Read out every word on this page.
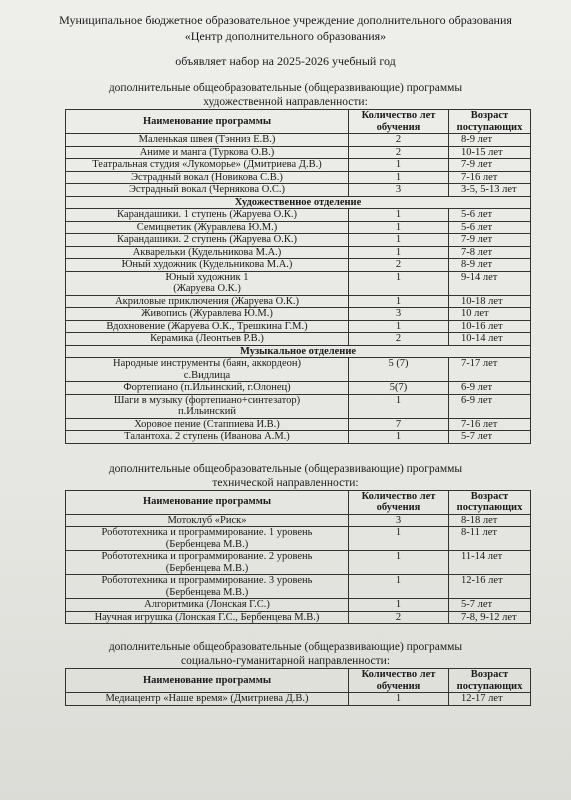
Муниципальное бюджетное образовательное учреждение дополнительного образования

«Центр дополнительного образования»

объявляет набор на 2025-2026 учебный год

дополнительные общеобразовательные (общеразвивающие) программы

художественной направленности:

Наименование программы	Количество лет обучения	Возраст поступающих

Маленькая швея (Тэнниз Е.В.)	2	8-9 лет

Аниме и манга (Туркова О.В.)	2	10-15 лет

Театральная студия «Лукоморье» (Дмитриева Д.В.)	1	7-9 лет

Эстрадный вокал (Новикова С.В.)	1	7-16 лет

Эстрадный вокал (Чернякова О.С.)	3	3-5, 5-13 лет
Художественное отделение		

Карандашики. 1 ступень (Жаруева О.К.)	1	5-6 лет

Семицветик (Журавлева Ю.М.)	1	5-6 лет

Карандашики. 2 ступень (Жаруева О.К.)	1	7-9 лет

Акварельки (Кудельникова М.А.)	1	7-8 лет

Юный художник (Кудельникова М.А.)	2	8-9 лет

Юный художник 1
(Жаруева О.К.)	1	9-14 лет

Акриловые приключения (Жаруева О.К.)	1	10-18 лет

Живопись (Журавлева Ю.М.)	3	10 лет

Вдохновение (Жаруева О.К., Трешкина Г.М.)	1	10-16 лет

Керамика (Леонтьев Р.В.)	2	10-14 лет
Музыкальное отделение		

Народные инструменты (баян, аккордеон)
с.Видлица	5 (7)	7-17 лет

Фортепиано (п.Ильинский, г.Олонец)	5(7)	6-9 лет

Шаги в музыку (фортепиано+синтезатор)
п.Ильинский	1	6-9 лет

Хоровое пение (Стаппиева И.В.)	7	7-16 лет

Талантоха. 2 ступень (Иванова А.М.)	1	5-7 лет

дополнительные общеобразовательные (общеразвивающие) программы

технической направленности:

Наименование программы	Количество лет обучения	Возраст поступающих

Мотоклуб «Риск»	3	8-18 лет

Робототехника и программирование. 1 уровень
(Бербенцева М.В.)	1	8-11 лет

Робототехника и программирование. 2 уровень
(Бербенцева М.В.)	1	11-14 лет

Робототехника и программирование. 3 уровень
(Бербенцева М.В.)	1	12-16 лет

Алгоритмика (Лонская Г.С.)	1	5-7 лет

Научная игрушка (Лонская Г.С., Бербенцева М.В.)	2	7-8, 9-12 лет

дополнительные общеобразовательные (общеразвивающие) программы

социально-гуманитарной направленности:

Наименование программы	Количество лет обучения	Возраст поступающих

Медиацентр «Наше время» (Дмитриева Д.В.)	1	12-17 лет
